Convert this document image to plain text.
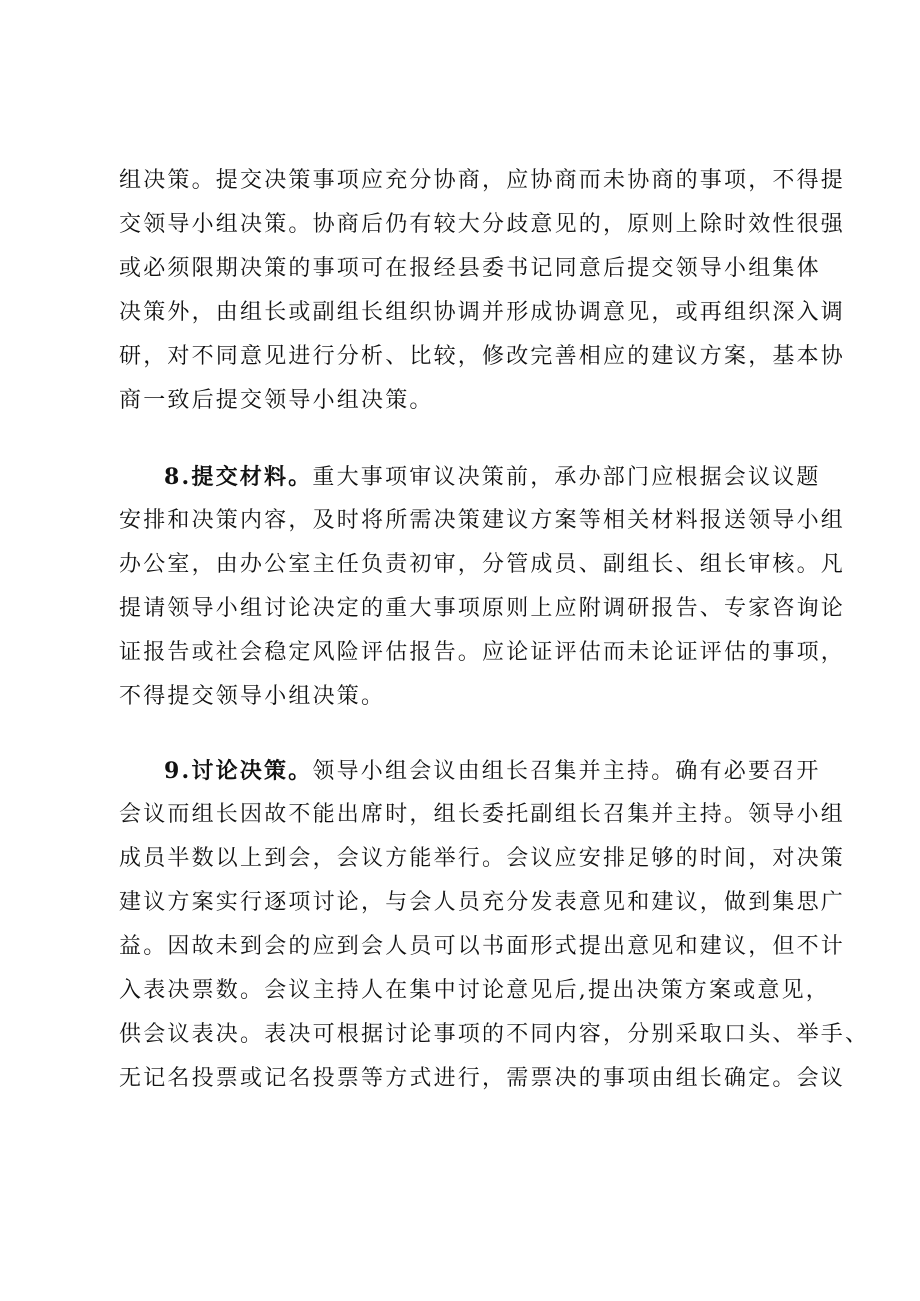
组决策。提交决策事项应充分协商，应协商而未协商的事项，不得提
交领导小组决策。协商后仍有较大分歧意见的，原则上除时效性很强
或必须限期决策的事项可在报经县委书记同意后提交领导小组集体
决策外，由组长或副组长组织协调并形成协调意见，或再组织深入调
研，对不同意见进行分析、比较，修改完善相应的建议方案，基本协
商一致后提交领导小组决策。
8.提交材料。重大事项审议决策前，承办部门应根据会议议题
安排和决策内容，及时将所需决策建议方案等相关材料报送领导小组
办公室，由办公室主任负责初审，分管成员、副组长、组长审核。凡
提请领导小组讨论决定的重大事项原则上应附调研报告、专家咨询论
证报告或社会稳定风险评估报告。应论证评估而未论证评估的事项，
不得提交领导小组决策。
9.讨论决策。领导小组会议由组长召集并主持。确有必要召开
会议而组长因故不能出席时，组长委托副组长召集并主持。领导小组
成员半数以上到会，会议方能举行。会议应安排足够的时间，对决策
建议方案实行逐项讨论，与会人员充分发表意见和建议，做到集思广
益。因故未到会的应到会人员可以书面形式提出意见和建议，但不计
入表决票数。会议主持人在集中讨论意见后,提出决策方案或意见，
供会议表决。表决可根据讨论事项的不同内容，分别采取口头、举手、
无记名投票或记名投票等方式进行，需票决的事项由组长确定。会议
